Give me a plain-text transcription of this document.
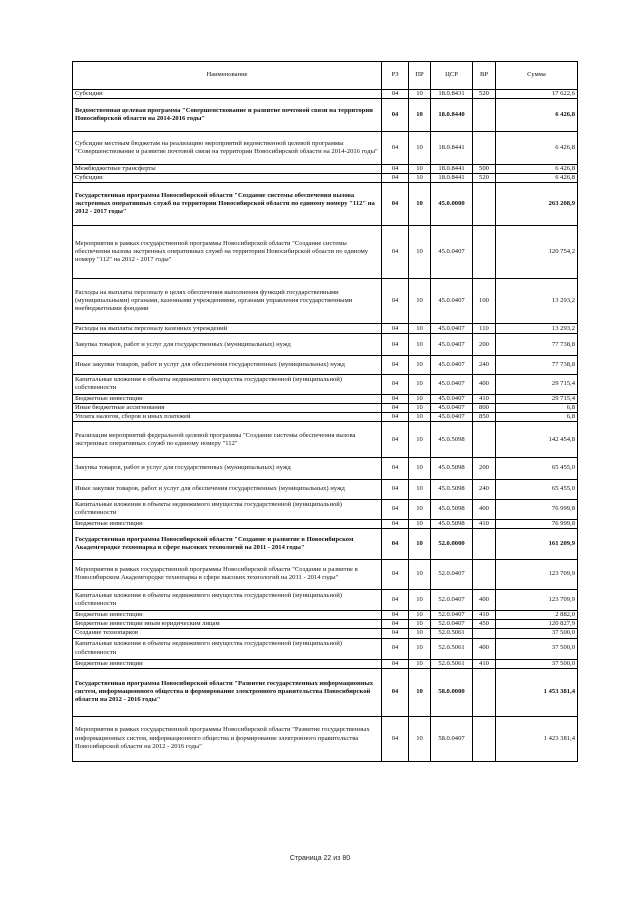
Наименование	РЗ	ПР	ЦСР	ВР	Сумма
Субсидии	04	10	18.0.8431	520	17 622,6
Ведомственная целевая программа "Совершенствование и развитие почтовой связи на территории Новосибирской области на 2014-2016 годы"	04	10	18.0.8440		6 426,8
Субсидии местным бюджетам на реализацию мероприятий ведомственной целевой программы "Совершенствование и развитие почтовой связи на территории Новосибирской области на 2014-2016 годы"	04	10	18.0.8441		6 426,8
Межбюджетные трансферты	04	10	18.0.8441	500	6 426,8
Субсидии	04	10	18.0.8441	520	6 426,8
Государственная программа Новосибирской области "Создание системы обеспечения вызова экстренных оперативных служб на территории Новосибирской области по единому номеру "112" на 2012 - 2017 годы"	04	10	45.0.0000		263 208,9
Мероприятия в рамках государственной программы Новосибирской области "Создание системы обеспечения вызова экстренных оперативных служб на территории Новосибирской области по единому номеру "112" на 2012 - 2017 годы"	04	10	45.0.0407		120 754,2
Расходы на выплаты персоналу в целях обеспечения выполнения функций государственными (муниципальными) органами, казенными учреждениями, органами управления государственными внебюджетными фондами	04	10	45.0.0407	100	13 293,2
Расходы на выплаты персоналу казенных учреждений	04	10	45.0.0407	110	13 293,2
Закупка товаров, работ и услуг для государственных (муниципальных) нужд	04	10	45.0.0407	200	77 738,8
Иные закупки товаров, работ и услуг для обеспечения государственных (муниципальных) нужд	04	10	45.0.0407	240	77 738,8
Капитальные вложения в объекты недвижимого имущества государственной (муниципальной) собственности	04	10	45.0.0407	400	29 715,4
Бюджетные инвестиции	04	10	45.0.0407	410	29 715,4
Иные бюджетные ассигнования	04	10	45.0.0407	800	6,8
Уплата налогов, сборов и иных платежей	04	10	45.0.0407	850	6,8
Реализация мероприятий федеральной целевой программы "Создание системы обеспечения вызова экстренных оперативных служб по единому номеру "112"	04	10	45.0.5098		142 454,8
Закупка товаров, работ и услуг для государственных (муниципальных) нужд	04	10	45.0.5098	200	65 455,0
Иные закупки товаров, работ и услуг для обеспечения государственных (муниципальных) нужд	04	10	45.0.5098	240	65 455,0
Капитальные вложения в объекты недвижимого имущества государственной (муниципальной) собственности	04	10	45.0.5098	400	76 999,8
Бюджетные инвестиции	04	10	45.0.5098	410	76 999,8
Государственная программа Новосибирской области "Создание и развитие в Новосибирском Академгородке технопарка в сфере высоких технологий на 2011 - 2014 годы"	04	10	52.0.0000		161 209,9
Мероприятия в рамках государственной программы Новосибирской области "Создание и развитие в Новосибирском Академгородке технопарка в сфере высоких технологий на 2011 - 2014 годы"	04	10	52.0.0407		123 709,9
Капитальные вложения в объекты недвижимого имущества государственной (муниципальной) собственности	04	10	52.0.0407	400	123 709,9
Бюджетные инвестиции	04	10	52.0.0407	410	2 882,0
Бюджетные инвестиции иным юридическим лицам	04	10	52.0.0407	450	120 827,9
Создание технопарков	04	10	52.0.5061		37 500,0
Капитальные вложения в объекты недвижимого имущества государственной (муниципальной) собственности	04	10	52.0.5061	400	37 500,0
Бюджетные инвестиции	04	10	52.0.5061	410	37 500,0
Государственная программа Новосибирской области "Развитие государственных информационных систем, информационного общества и формирование электронного правительства Новосибирской области на 2012 - 2016 годы"	04	10	58.0.0000		1 453 381,4
Мероприятия в рамках государственной программы Новосибирской области "Развитие государственных информационных систем, информационного общества и формирование электронного правительства Новосибирской области на 2012 - 2016 годы"	04	10	58.0.0407		1 423 381,4
Страница 22 из 80
